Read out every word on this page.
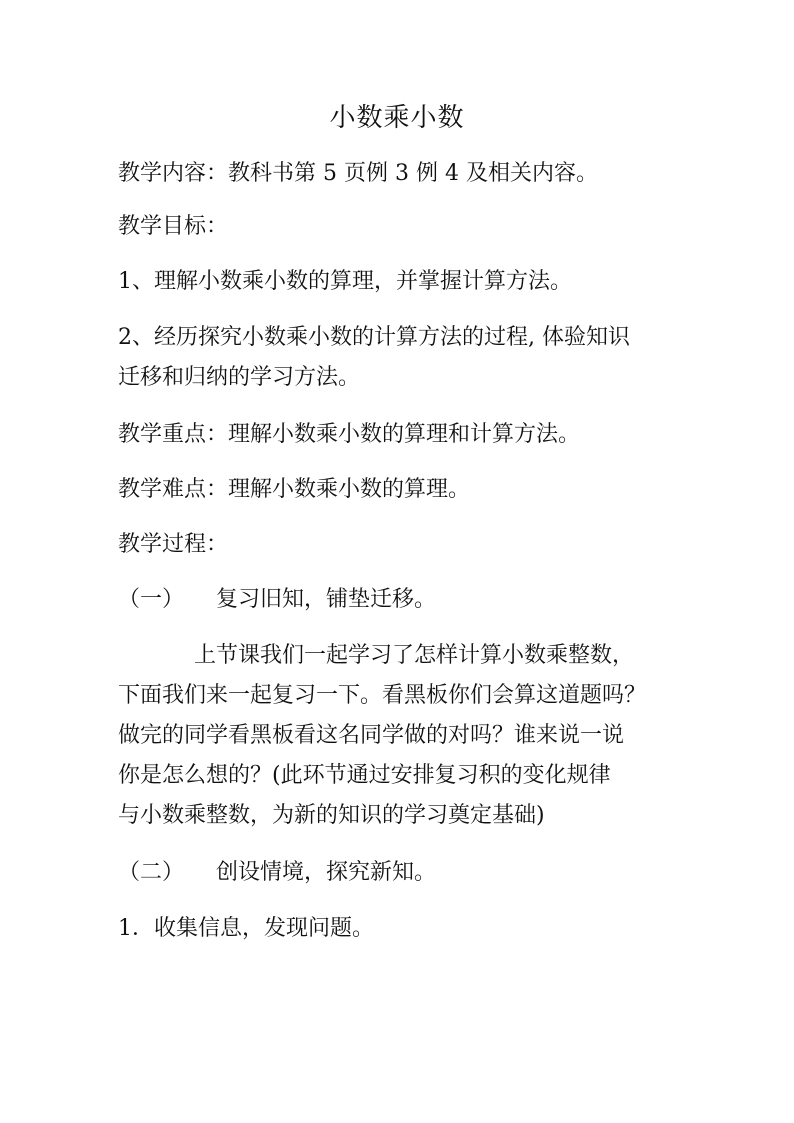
小数乘小数
教学内容：教科书第 5 页例 3 例 4 及相关内容。
教学目标：
1、理解小数乘小数的算理，并掌握计算方法。
2、经历探究小数乘小数的计算方法的过程, 体验知识
迁移和归纳的学习方法。
教学重点：理解小数乘小数的算理和计算方法。
教学难点：理解小数乘小数的算理。
教学过程：
（一）	复习旧知，铺垫迁移。
上节课我们一起学习了怎样计算小数乘整数，
下面我们来一起复习一下。看黑板你们会算这道题吗？
做完的同学看黑板看这名同学做的对吗？谁来说一说
你是怎么想的？(此环节通过安排复习积的变化规律
与小数乘整数，为新的知识的学习奠定基础)
（二）	创设情境，探究新知。
1．收集信息，发现问题。
